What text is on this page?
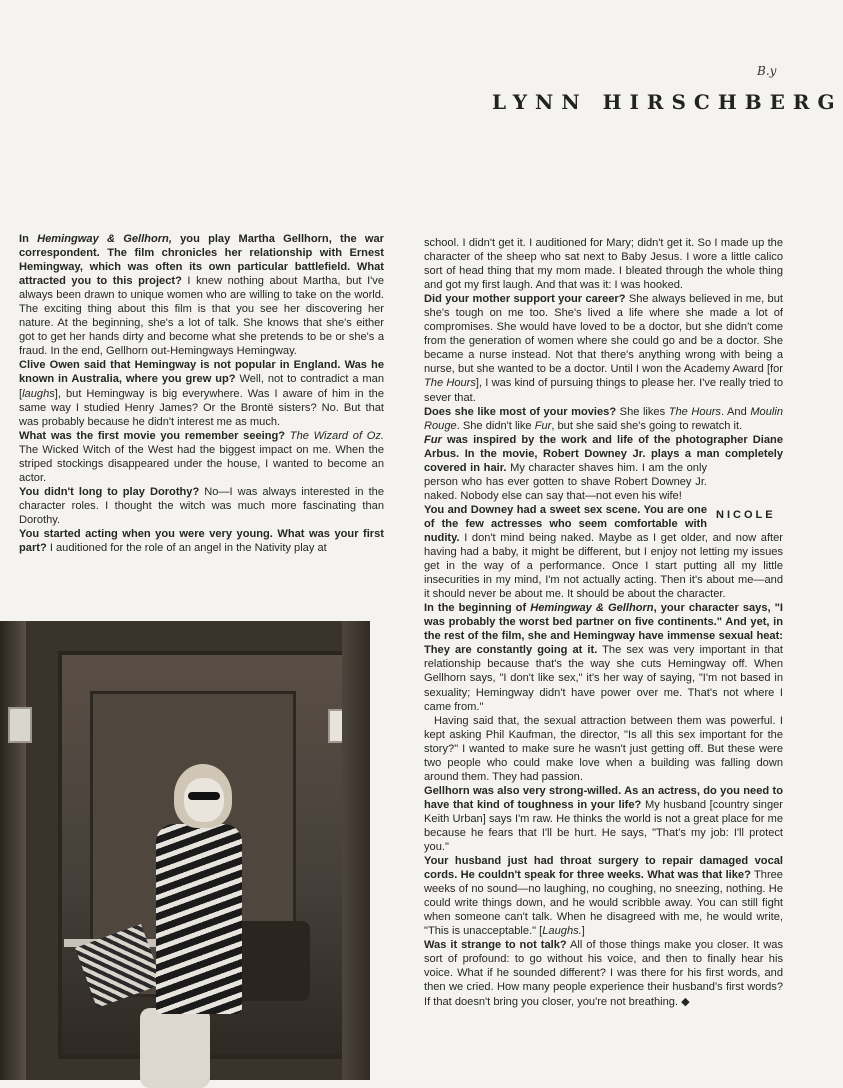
B.y
LYNN HIRSCHBERG

In Hemingway & Gellhorn, you play Martha Gellhorn, the war correspondent. The film chronicles her relationship with Ernest Hemingway, which was often its own particular battlefield. What attracted you to this project? I knew nothing about Martha, but I've always been drawn to unique women who are willing to take on the world. The exciting thing about this film is that you see her discovering her nature. At the beginning, she's a lot of talk. She knows that she's either got to get her hands dirty and become what she pretends to be or she's a fraud. In the end, Gellhorn out-Hemingways Hemingway.

Clive Owen said that Hemingway is not popular in England. Was he known in Australia, where you grew up? Well, not to contradict a man [laughs], but Hemingway is big everywhere. Was I aware of him in the same way I studied Henry James? Or the Brontë sisters? No. But that was probably because he didn't interest me as much.

What was the first movie you remember seeing? The Wizard of Oz. The Wicked Witch of the West had the biggest impact on me. When the striped stockings disappeared under the house, I wanted to become an actor.

You didn't long to play Dorothy? No—I was always interested in the character roles. I thought the witch was much more fascinating than Dorothy.

You started acting when you were very young. What was your first part? I auditioned for the role of an angel in the Nativity play at

school. I didn't get it. I auditioned for Mary; didn't get it. So I made up the character of the sheep who sat next to Baby Jesus. I wore a little calico sort of head thing that my mom made. I bleated through the whole thing and got my first laugh. And that was it: I was hooked.

Did your mother support your career? She always believed in me, but she's tough on me too. She's lived a life where she made a lot of compromises. She would have loved to be a doctor, but she didn't come from the generation of women where she could go and be a doctor. She became a nurse instead. Not that there's anything wrong with being a nurse, but she wanted to be a doctor. Until I won the Academy Award [for The Hours], I was kind of pursuing things to please her. I've really tried to sever that.

Does she like most of your movies? She likes The Hours. And Moulin Rouge. She didn't like Fur, but she said she's going to rewatch it.

Fur was inspired by the work and life of the photographer Diane Arbus. In the movie, Robert Downey Jr. plays a man completely covered in hair.
My character shaves him. I am the only person who has ever gotten to shave Robert Downey Jr. naked. Nobody else can say that—not even his wife!

You and Downey had a sweet sex scene. You are one of the few actresses who seem comfortable with nudity. I don't mind being naked. Maybe as I get older, and now after having had a baby, it might be different, but I enjoy not letting my issues get in the way of a performance. Once I start putting all my little insecurities in my mind, I'm not actually acting. Then it's about me—and it should never be about me. It should be about the character.

In the beginning of Hemingway & Gellhorn, your character says, "I was probably the worst bed partner on five continents." And yet, in the rest of the film, she and Hemingway have immense sexual heat: They are constantly going at it. The sex was very important in that relationship because that's the way she cuts Hemingway off. When Gellhorn says, "I don't like sex," it's her way of saying, "I'm not based in sexuality; Hemingway didn't have power over me. That's not where I came from."

Having said that, the sexual attraction between them was powerful. I kept asking Phil Kaufman, the director, "Is all this sex important for the story?" I wanted to make sure he wasn't just getting off. But these were two people who could make love when a building was falling down around them. They had passion.

Gellhorn was also very strong-willed. As an actress, do you need to have that kind of toughness in your life? My husband [country singer Keith Urban] says I'm raw. He thinks the world is not a great place for me because he fears that I'll be hurt. He says, "That's my job: I'll protect you."

Your husband just had throat surgery to repair damaged vocal cords. He couldn't speak for three weeks. What was that like? Three weeks of no sound—no laughing, no coughing, no sneezing, nothing. He could write things down, and he would scribble away. You can still fight when someone can't talk. When he disagreed with me, he would write, "This is unacceptable." [Laughs.]

Was it strange to not talk? All of those things make you closer. It was sort of profound: to go without his voice, and then to finally hear his voice. What if he sounded different? I was there for his first words, and then we cried. How many people experience their husband's first words? If that doesn't bring you closer, you're not breathing. ◆

NICOLE
